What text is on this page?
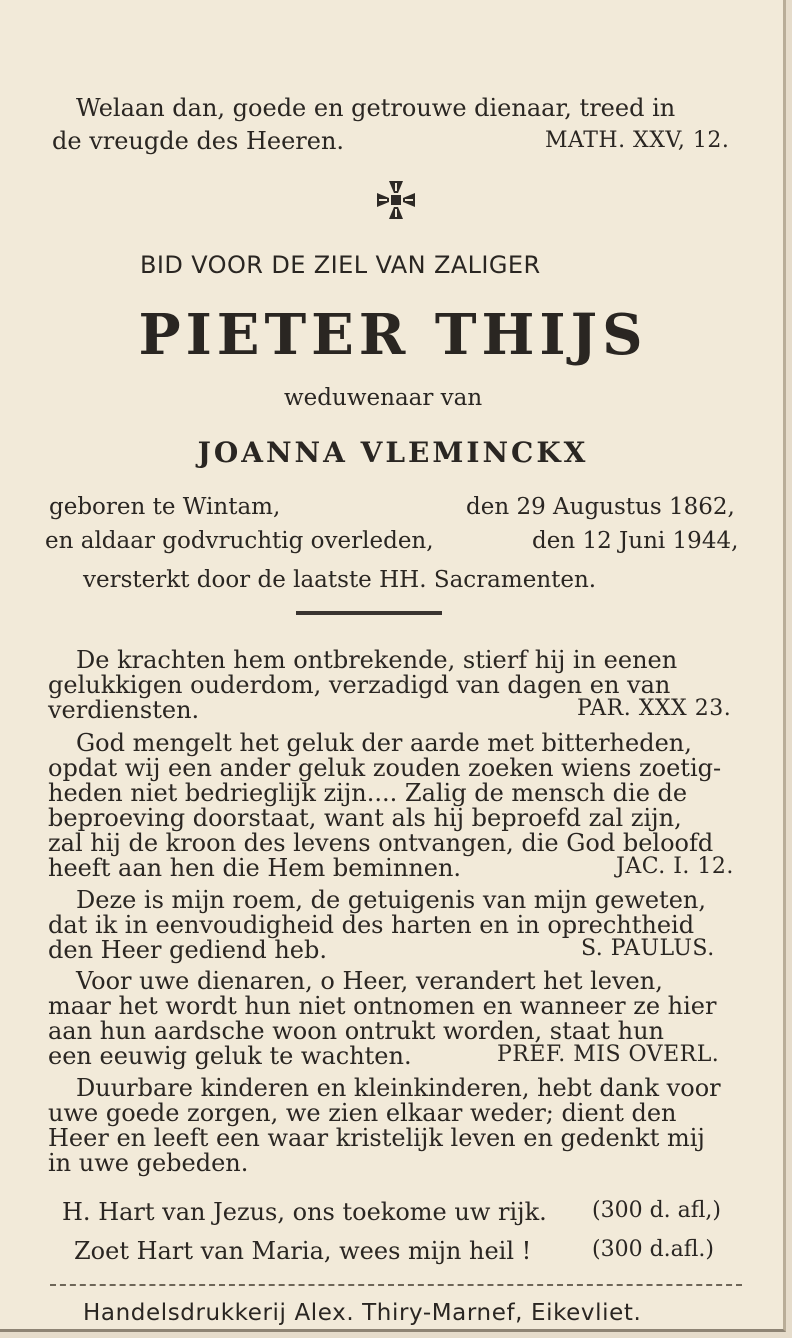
Welaan dan, goede en getrouwe dienaar, treed in
de vreugde des Heeren.	MATH. XXV, 12.
BID VOOR DE ZIEL VAN ZALIGER
PIETER THIJS
weduwenaar van
JOANNA VLEMINCKX
geboren te Wintam,	den 29 Augustus 1862,
en aldaar godvruchtig overleden,	den 12 Juni 1944,
versterkt door de laatste HH. Sacramenten.
De krachten hem ontbrekende, stierf hij in eenen
gelukkigen ouderdom, verzadigd van dagen en van
verdiensten.	PAR. XXX 23.
God mengelt het geluk der aarde met bitterheden,
opdat wij een ander geluk zouden zoeken wiens zoetig-
heden niet bedrieglijk zijn.... Zalig de mensch die de
beproeving doorstaat, want als hij beproefd zal zijn,
zal hij de kroon des levens ontvangen, die God beloofd
heeft aan hen die Hem beminnen.	JAC. I. 12.
Deze is mijn roem, de getuigenis van mijn geweten,
dat ik in eenvoudigheid des harten en in oprechtheid
den Heer gediend heb.	S. PAULUS.
Voor uwe dienaren, o Heer, verandert het leven,
maar het wordt hun niet ontnomen en wanneer ze hier
aan hun aardsche woon ontrukt worden, staat hun
een eeuwig geluk te wachten.	PREF. MIS OVERL.
Duurbare kinderen en kleinkinderen, hebt dank voor
uwe goede zorgen, we zien elkaar weder; dient den
Heer en leeft een waar kristelijk leven en gedenkt mij
in uwe gebeden.
H. Hart van Jezus, ons toekome uw rijk. (300 d. afl,)
Zoet Hart van Maria, wees mijn heil !	(300 d.afl.)
Handelsdrukkerij Alex. Thiry-Marnef, Eikevliet.
